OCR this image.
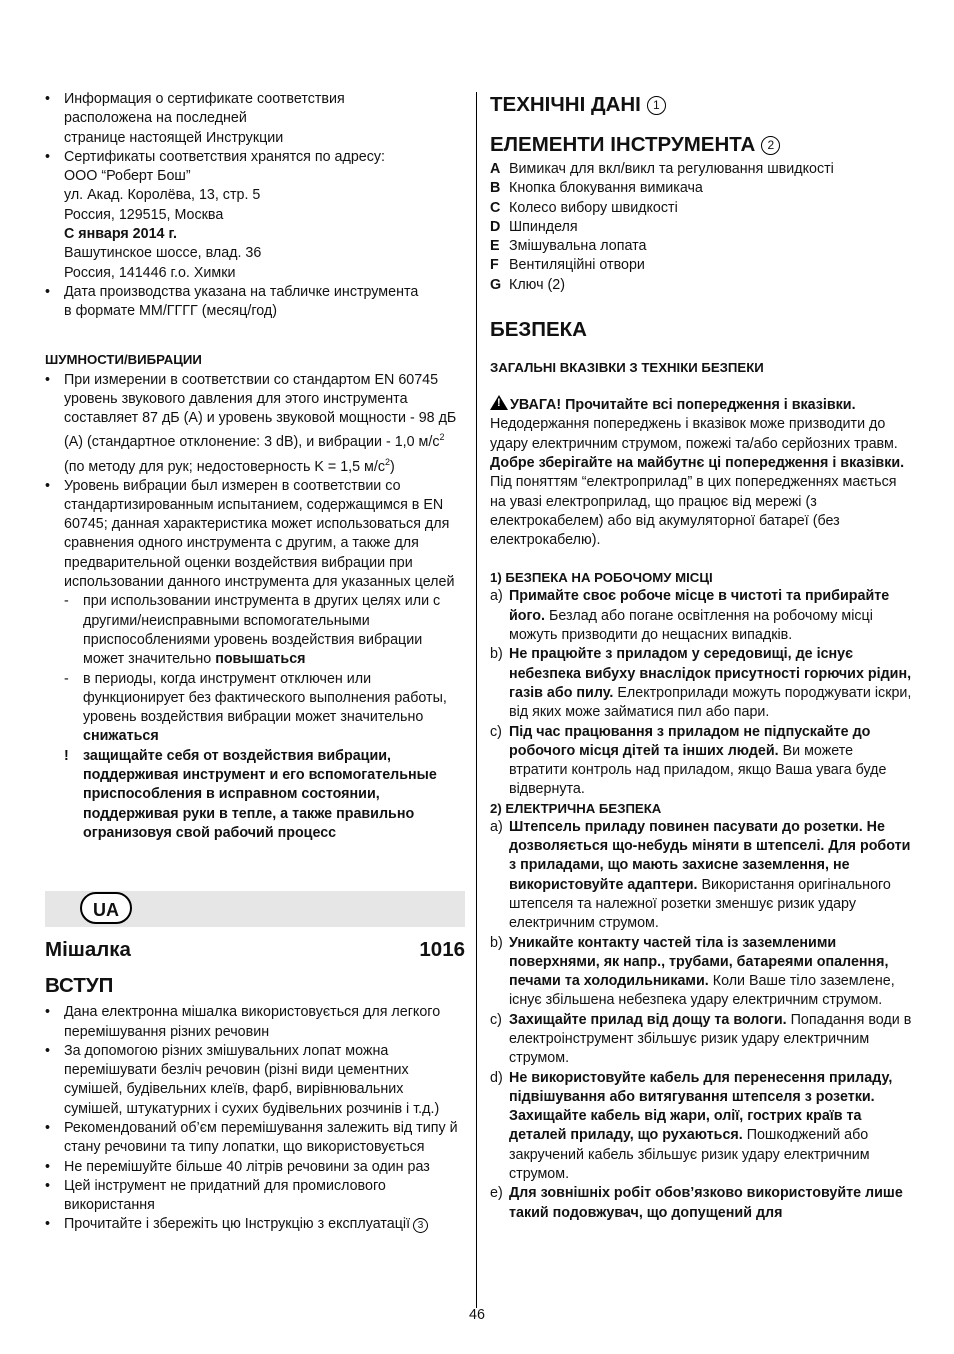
• Информация о сертификате соответствия
расположена на последней
странице настоящей Инструкции
• Сертификаты соответствия хранятся по адресу:
ООО “Роберт Бош”
ул. Акад. Королёва, 13, стр. 5
Россия, 129515, Москва
С января 2014 г.
Вашутинское шоссе, влад. 36
Россия, 141446 г.о. Химки
• Дата производства указана на табличке инструмента
в формате ММ/ГГГГ (месяц/год)
ШУМНОСТИ/ВИБРАЦИИ
• При измерении в соответствии со стандартом EN 60745 уровень звукового давления для этого инструмента составляет 87 дБ (A) и уровень звуковой мощности - 98 дБ (A) (стандартное отклонение: 3 dB), и вибрации - 1,0 $м/с^2$ (по методу для рук; недостоверность K = 1,5 $м/с^2$)
• Уровень вибрации был измерен в соответствии со стандартизированным испытанием, содержащимся в EN 60745; данная характеристика может использоваться для сравнения одного инструмента с другим, а также для предварительной оценки воздействия вибрации при использовании данного инструмента для указанных целей
- при использовании инструмента в других целях или с другими/неисправными вспомогательными приспособлениями уровень воздействия вибрации может значительно повышаться
- в периоды, когда инструмент отключен или функционирует без фактического выполнения работы, уровень воздействия вибрации может значительно снижаться
! защищайте себя от воздействия вибрации, поддерживая инструмент и его вспомогательные приспособления в исправном состоянии, поддерживая руки в тепле, а также правильно огранизовуя свой рабочий процесс
UA
Мішалка	1016
ВСТУП
• Дана електронна мішалка використовується для легкого перемішування різних речовин
• За допомогою різних змішувальних лопат можна перемішувати безліч речовин (різні види цементних сумішей, будівельних клеїв, фарб, вирівнювальних сумішей, штукатурних і сухих будівельних розчинів і т.д.)
• Рекомендований об’єм перемішування залежить від типу й стану речовини та типу лопатки, що використовується
• Не перемішуйте більше 40 літрів речовини за один раз
• Цей інструмент не придатний для промислового використання
• Прочитайте і збережіть цю Інструкцію з експлуатації 3
ТЕХНІЧНІ ДАНІ 1
ЕЛЕМЕНТИ ІНСТРУМЕНТА 2
A Вимикач для вкл/викл та регулювання швидкості
B Кнопка блокування вимикача
C Колесо вибору швидкості
D Шпинделя
E Змішувальна лопата
F Вентиляційні отвори
G Ключ (2)
БЕЗПЕКА
ЗАГАЛЬНІ ВКАЗІВКИ З ТЕХНІКИ БЕЗПЕКИ

!УВАГА! Прочитайте всі попередження і вказівки. Недодержання попереджень і вказівок може призводити до удару електричним струмом, пожежі та/або серйозних травм. Добре зберігайте на майбутнє ці попередження і вказівки. Під поняттям “електроприлад” в цих попередженнях мається на увазі електроприлад, що працює від мережі (з електрокабелем) або від акумуляторної батареї (без електрокабелю).

1) БЕЗПЕКА НА РОБОЧОМУ МІСЦІ
a) Примайте своє робоче місце в чистоті та прибирайте його. Безлад або погане освітлення на робочому місці можуть призводити до нещасних випадків.
b) Не працюйте з приладом у середовищі, де існує небезпека вибуху внаслідок присутності горючих рідин, газів або пилу. Електроприлади можуть породжувати іскри, від яких може займатися пил або пари.
c) Під час працювання з приладом не підпускайте до робочого місця дітей та інших людей. Ви можете втратити контроль над приладом, якщо Ваша увага буде відвернута.
2) ЕЛЕКТРИЧНА БЕЗПЕКА
a) Штепсель приладу повинен пасувати до розетки. Не дозволяється що-небудь міняти в штепселі. Для роботи з приладами, що мають захисне заземлення, не використовуйте адаптери. Використання оригінального штепселя та належної розетки зменшує ризик удару електричним струмом.
b) Уникайте контакту частей тіла із заземленими поверхнями, як напр., трубами, батареями опалення, печами та холодильниками. Коли Ваше тіло заземлене, існує збільшена небезпека удару електричним струмом.
c) Захищайте прилад від дощу та вологи. Попадання води в електроінструмент збільшує ризик удару електричним струмом.
d) Не використовуйте кабель для перенесення приладу, підвішування або витягування штепселя з розетки. Захищайте кабель від жари, олії, гострих країв та деталей приладу, що рухаються. Пошкоджений або закручений кабель збільшує ризик удару електричним струмом.
e) Для зовнішніх робіт обов’язково використовуйте лише такий подовжувач, що допущений для
46
